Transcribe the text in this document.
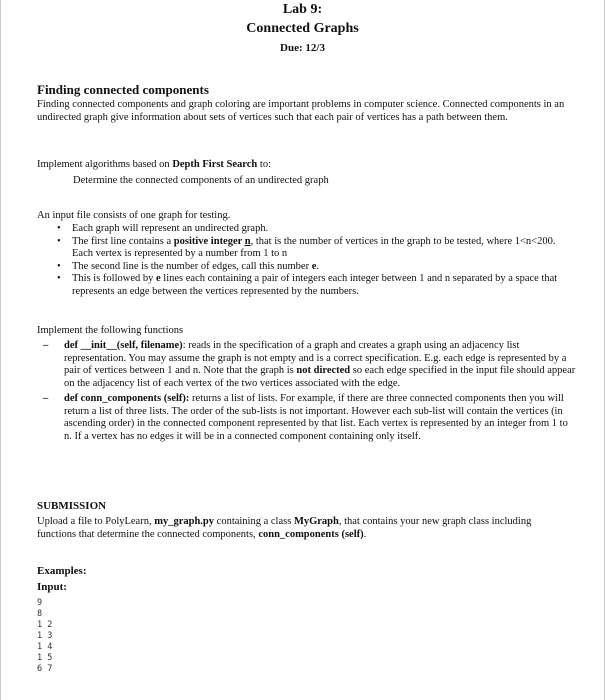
Lab 9:
Connected Graphs
Due: 12/3
Finding connected components
Finding connected components and graph coloring are important problems in computer science. Connected components in an undirected graph give information about sets of vertices such that each pair of vertices has a path between them.
Implement algorithms based on Depth First Search to:
Determine the connected components of an undirected graph
An input file consists of one graph for testing.
• Each graph will represent an undirected graph.
• The first line contains a positive integer n, that is the number of vertices in the graph to be tested, where 1<n<200. Each vertex is represented by a number from 1 to n
• The second line is the number of edges, call this number e.
• This is followed by e lines each containing a pair of integers each integer between 1 and n separated by a space that represents an edge between the vertices represented by the numbers.
Implement the following functions
– def __init__(self, filename): reads in the specification of a graph and creates a graph using an adjacency list representation. You may assume the graph is not empty and is a correct specification. E.g. each edge is represented by a pair of vertices between 1 and n. Note that the graph is not directed so each edge specified in the input file should appear on the adjacency list of each vertex of the two vertices associated with the edge.
– def conn_components (self): returns a list of lists. For example, if there are three connected components then you will return a list of three lists. The order of the sub-lists is not important. However each sub-list will contain the vertices (in ascending order) in the connected component represented by that list. Each vertex is represented by an integer from 1 to n. If a vertex has no edges it will be in a connected component containing only itself.
SUBMISSION
Upload a file to PolyLearn, my_graph.py containing a class MyGraph, that contains your new graph class including functions that determine the connected components, conn_components (self).
Examples:
Input:
9
8
1 2
1 3
1 4
1 5
6 7
